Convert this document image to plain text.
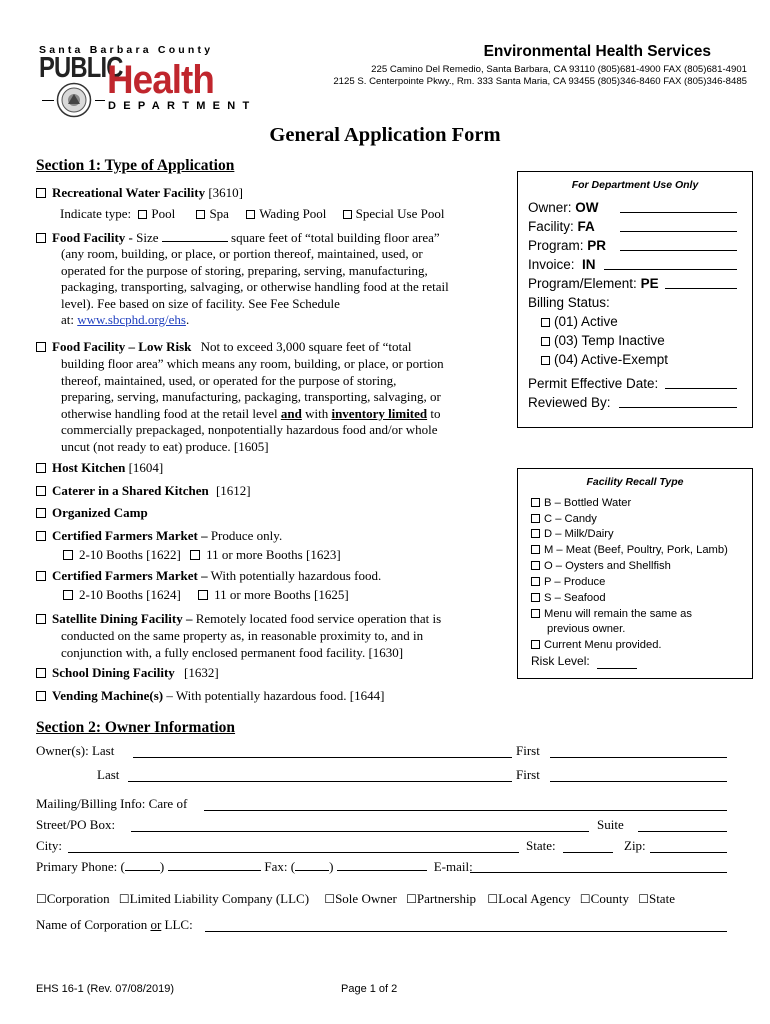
Santa Barbara County
PUBLIC
Health
DEPARTMENT
Environmental Health Services
225 Camino Del Remedio, Santa Barbara, CA 93110 (805)681-4900 FAX (805)681-4901
2125 S. Centerpointe Pkwy., Rm. 333 Santa Maria, CA 93455 (805)346-8460 FAX (805)346-8485
General Application Form
Section 1: Type of Application
Recreational Water Facility [3610]
Indicate type: Pool	Spa Wading Pool Special Use Pool
Food Facility - Size	square feet of “total building floor area”
(any room, building, or place, or portion thereof, maintained, used, or
operated for the purpose of storing, preparing, serving, manufacturing,
packaging, transporting, salvaging, or otherwise handling food at the retail
level). Fee based on size of facility. See Fee Schedule
at: www.sbcphd.org/ehs.
Food Facility – Low Risk Not to exceed 3,000 square feet of “total
building floor area” which means any room, building, or place, or portion
thereof, maintained, used, or operated for the purpose of storing,
preparing, serving, manufacturing, packaging, transporting, salvaging, or
otherwise handling food at the retail level and with inventory limited to
commercially prepackaged, nonpotentially hazardous food and/or whole
uncut (not ready to eat) produce. [1605]
Host Kitchen [1604]
Caterer in a Shared Kitchen [1612]
Organized Camp
Certified Farmers Market – Produce only.
2-10 Booths [1622] 11 or more Booths [1623]
Certified Farmers Market – With potentially hazardous food.
2-10 Booths [1624]	11 or more Booths [1625]
Satellite Dining Facility – Remotely located food service operation that is
conducted on the same property as, in reasonable proximity to, and in
conjunction with, a fully enclosed permanent food facility. [1630]
School Dining Facility [1632]
Vending Machine(s) – With potentially hazardous food. [1644]
For Department Use Only
Owner: OW
Facility: FA
Program: PR
Invoice: IN
Program/Element: PE
Billing Status:
(01) Active
(03) Temp Inactive
(04) Active-Exempt
Permit Effective Date:
Reviewed By:
Facility Recall Type
B – Bottled Water
C – Candy
D – Milk/Dairy
M – Meat (Beef, Poultry, Pork, Lamb)
O – Oysters and Shellfish
P – Produce
S – Seafood
Menu will remain the same as
previous owner.
Current Menu provided.
Risk Level:
Section 2: Owner Information
Owner(s): Last	First
Last	First
Mailing/Billing Info: Care of
Street/PO Box:	Suite
City:	State:	Zip:
Primary Phone: (	)	Fax: (	)	E-mail:
☐Corporation ☐Limited Liability Company (LLC) ☐Sole Owner ☐Partnership ☐Local Agency ☐County ☐State
Name of Corporation or LLC:
EHS 16-1 (Rev. 07/08/2019)	Page 1 of 2
